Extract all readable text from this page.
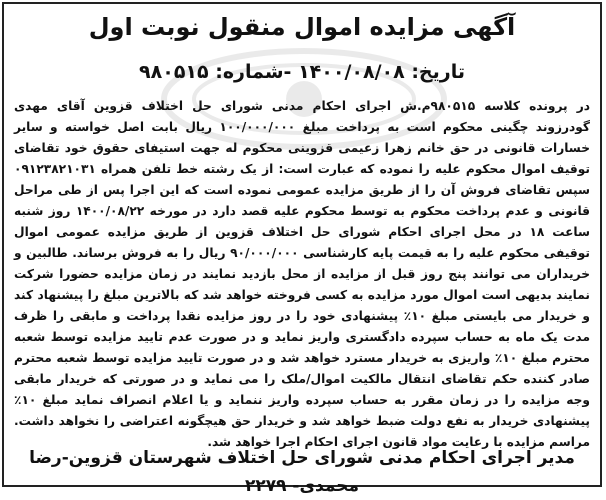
آگهی مزایده اموال منقول نوبت اول
تاریخ: ۱۴۰۰/۰۸/۰۸ -شماره: ۹۸۰۵۱۵

در پرونده کلاسه ۹۸۰۵۱۵م.ش اجرای احکام مدنی شورای حل اختلاف قزوین آقای مهدی گودرزوند چگینی محکوم است به پرداخت مبلغ ۱۰۰/۰۰۰/۰۰۰ ریال بابت اصل خواسته و سایر خسارات قانونی در حق خانم زهرا زعیمی قزوینی محکوم له جهت استیفای حقوق خود تقاضای توقیف اموال محکوم علیه را نموده که عبارت است: از یک رشته خط تلفن همراه ۰۹۱۲۳۸۲۱۰۳۱ سپس تقاضای فروش آن را از طریق مزایده عمومی نموده است که این اجرا پس از طی مراحل قانونی و عدم پرداخت محکوم به توسط محکوم علیه قصد دارد در مورخه ۱۴۰۰/۰۸/۲۲ روز شنبه ساعت ۱۸ در محل اجرای احکام شورای حل اختلاف قزوین از طریق مزایده عمومی اموال توقیفی محکوم علیه را به قیمت پایه کارشناسی ۹۰/۰۰۰/۰۰۰ ریال را به فروش برساند. طالبین و خریداران می توانند پنج روز قبل از مزایده از محل بازدید نمایند در زمان مزایده حضورا شرکت نمایند بدیهی است اموال مورد مزایده به کسی فروخته خواهد شد که بالاترین مبلغ را پیشنهاد کند و خریدار می بایستی مبلغ ۱۰٪ پیشنهادی خود را در روز مزایده نقدا پرداخت و مابقی را ظرف مدت یک ماه به حساب سپرده دادگستری واریز نماید و در صورت عدم تایید مزایده توسط شعبه محترم مبلغ ۱۰٪ واریزی به خریدار مسترد خواهد شد و در صورت تایید مزایده توسط شعبه محترم صادر کننده حکم تقاضای انتقال مالکیت اموال/ملک را می نماید و در صورتی که خریدار مابقی وجه مزایده را در زمان مقرر به حساب سپرده واریز ننماید و یا اعلام انصراف نماید مبلغ ۱۰٪ پیشنهادی خریدار به نفع دولت ضبط خواهد شد و خریدار حق هیچگونه اعتراضی را نخواهد داشت. مراسم مزایده با رعایت مواد قانون اجرای احکام اجرا خواهد شد.

مدیر اجرای احکام مدنی شورای حل اختلاف شهرستان قزوین-رضا محمدی- ۲۲۷۹
